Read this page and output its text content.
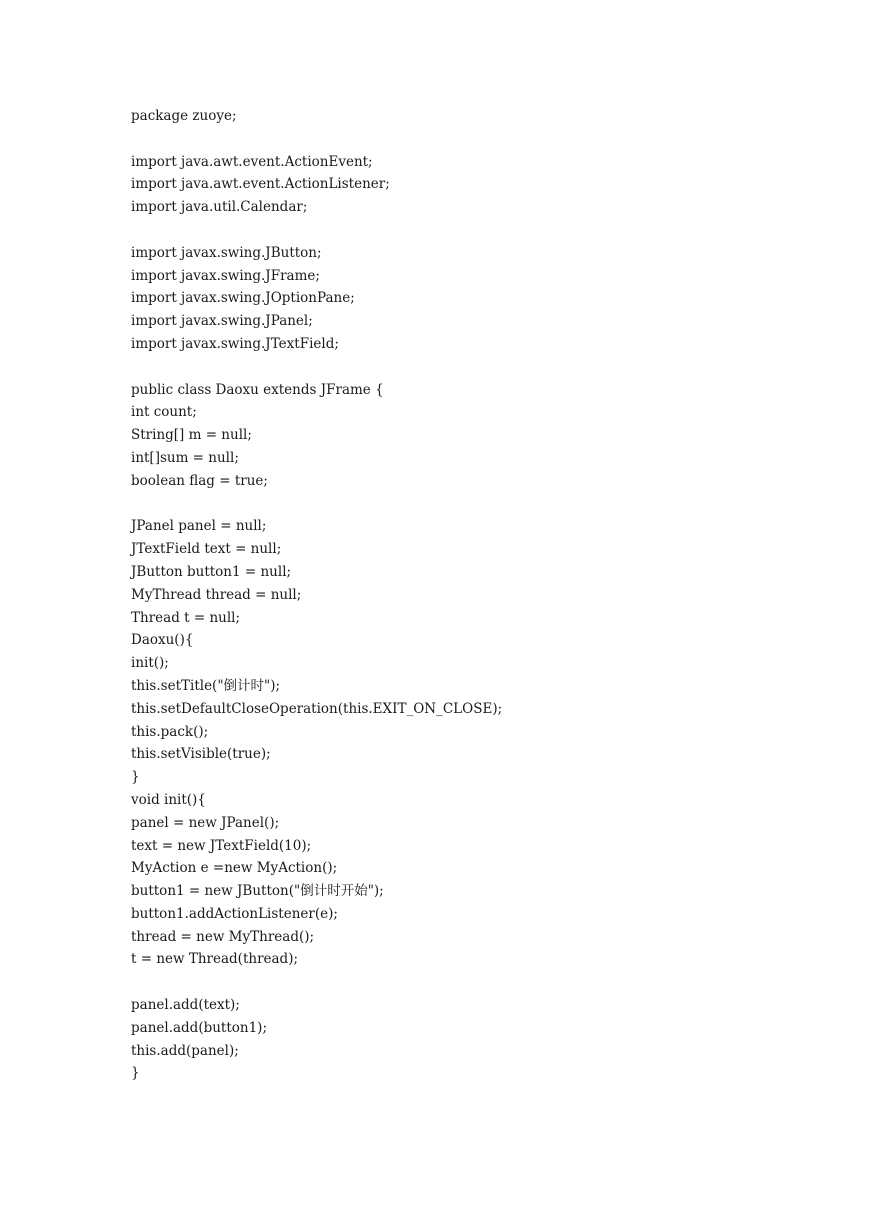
package zuoye;
import java.awt.event.ActionEvent;
import java.awt.event.ActionListener;
import java.util.Calendar;
import javax.swing.JButton;
import javax.swing.JFrame;
import javax.swing.JOptionPane;
import javax.swing.JPanel;
import javax.swing.JTextField;
public class Daoxu extends JFrame {
int count;
String[] m = null;
int[]sum = null;
boolean flag = true;
JPanel panel = null;
JTextField text = null;
JButton button1 = null;
MyThread thread = null;
Thread t = null;
Daoxu(){
init();
this.setTitle("倒计时");
this.setDefaultCloseOperation(this.EXIT_ON_CLOSE);
this.pack();
this.setVisible(true);
}
void init(){
panel = new JPanel();
text = new JTextField(10);
MyAction e =new MyAction();
button1 = new JButton("倒计时开始");
button1.addActionListener(e);
thread = new MyThread();
t = new Thread(thread);
panel.add(text);
panel.add(button1);
this.add(panel);
}
